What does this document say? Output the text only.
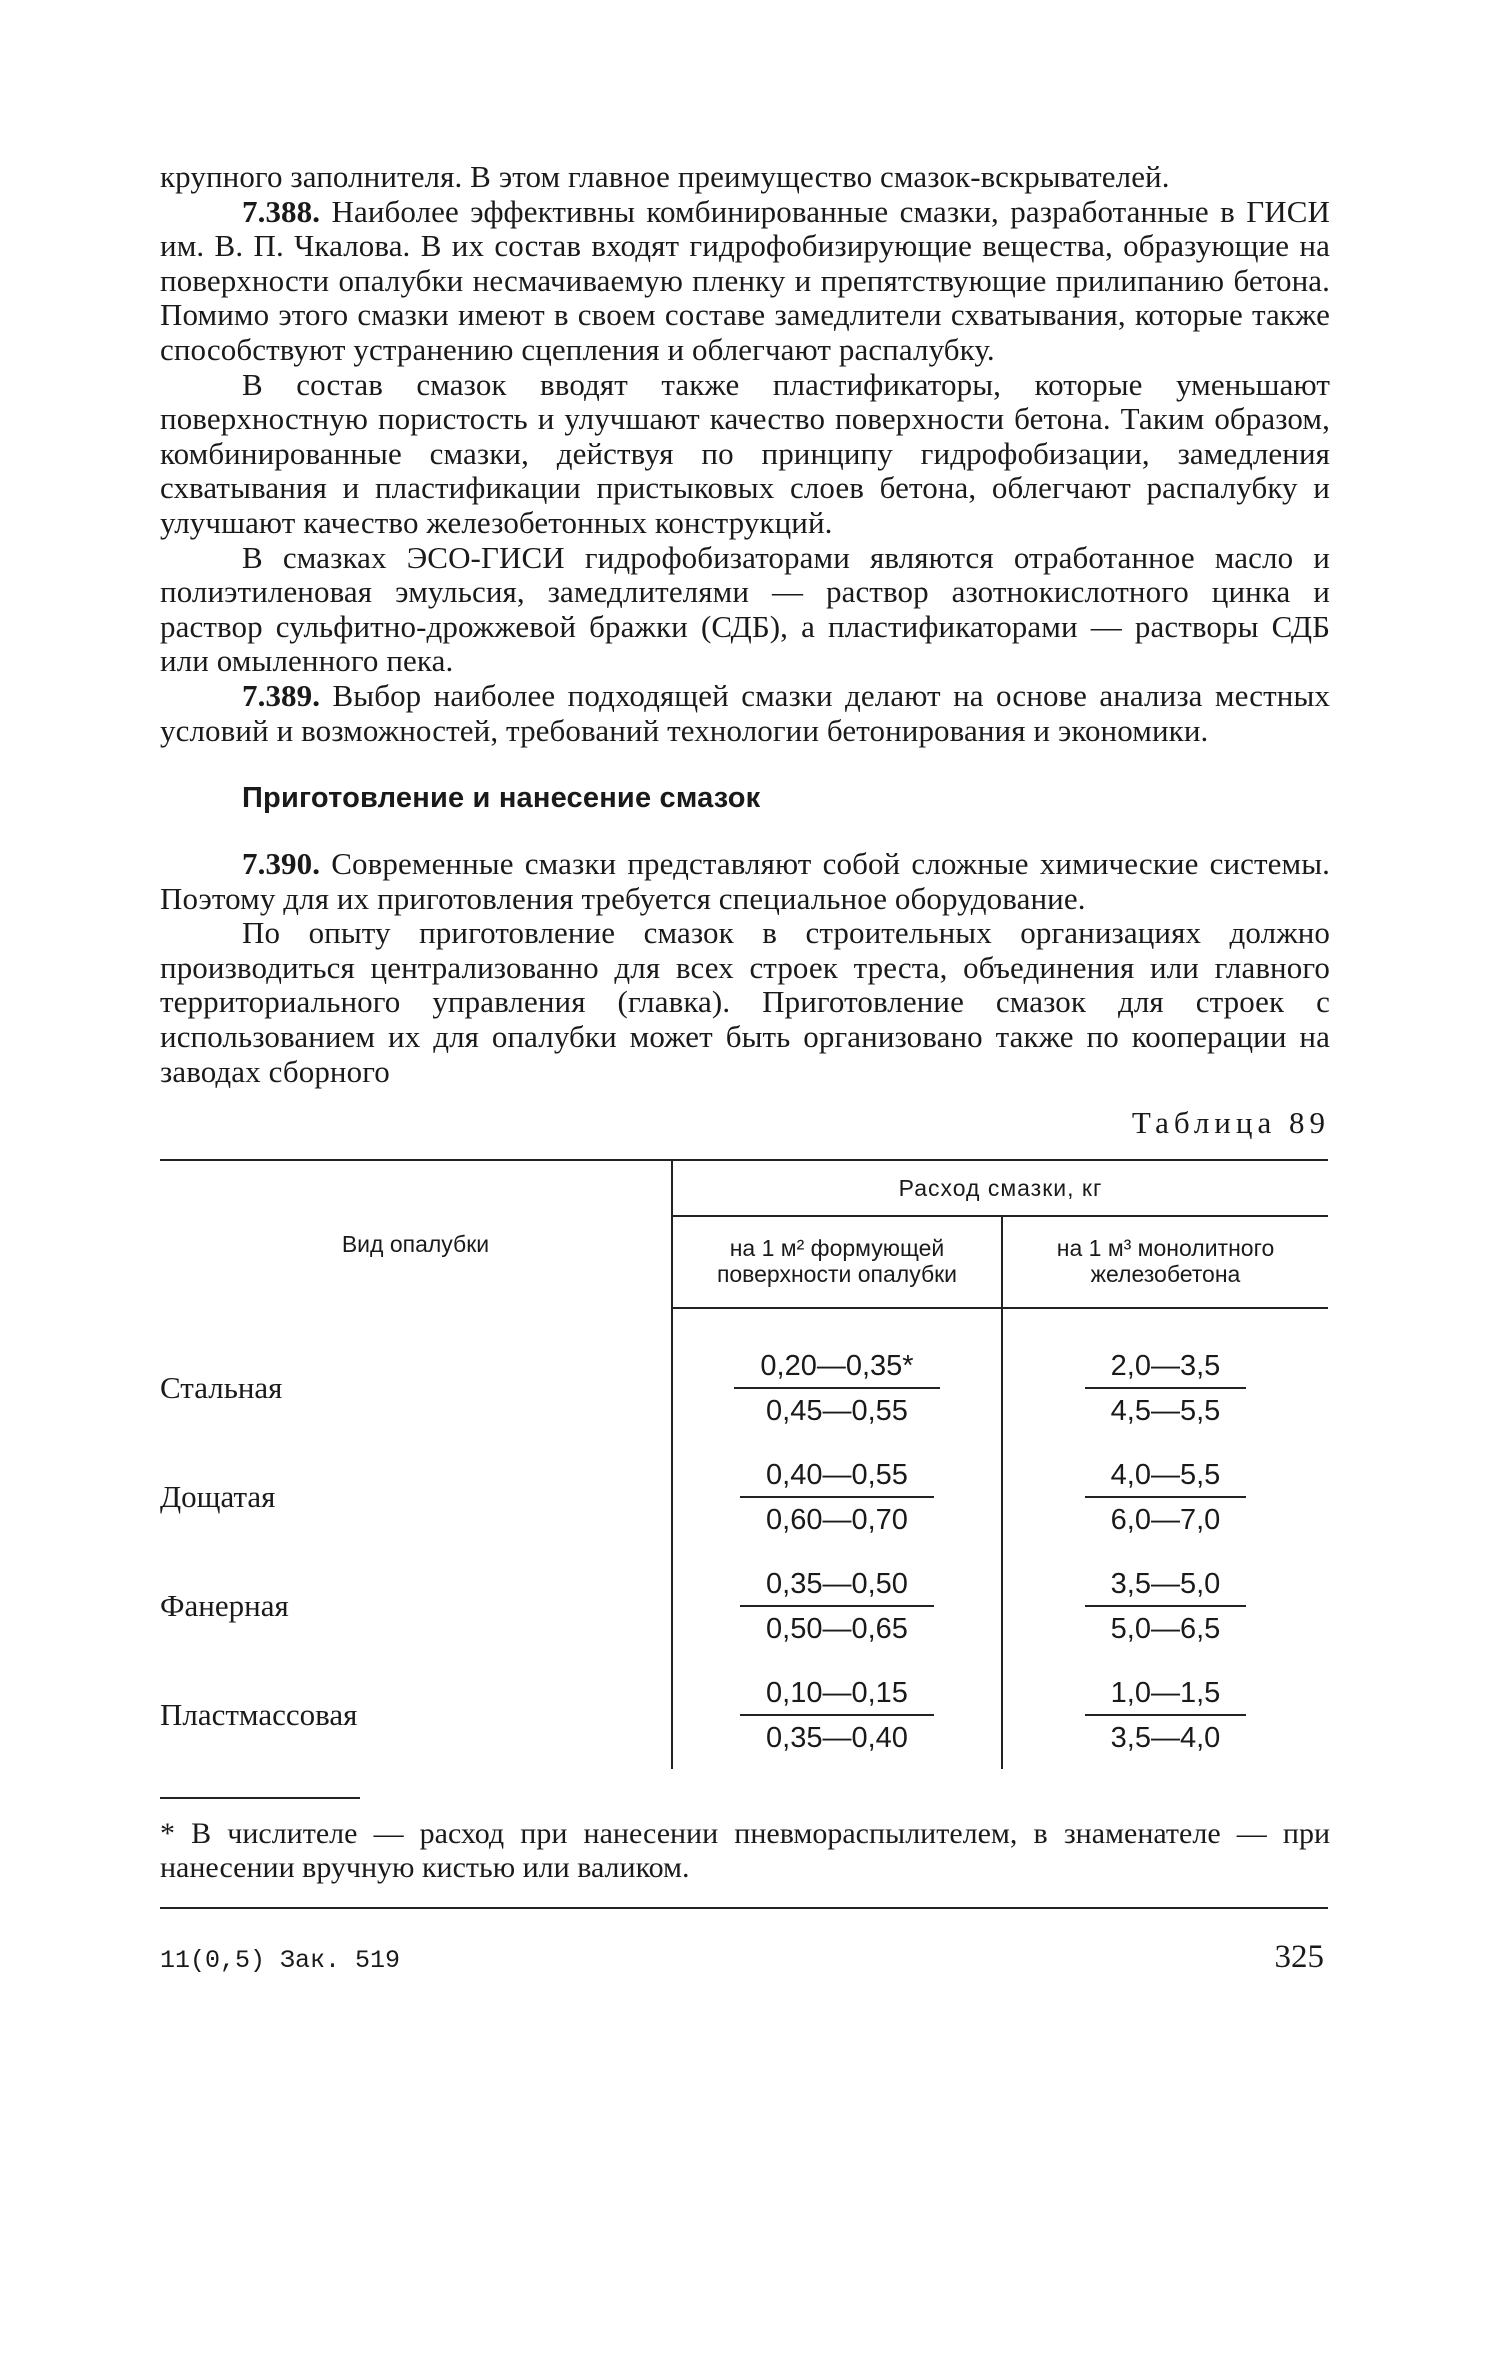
крупного заполнителя. В этом главное преимущество смазок-вскрывателей.

7.388. Наиболее эффективны комбинированные смазки, разработанные в ГИСИ им. В. П. Чкалова. В их состав входят гидрофобизирующие вещества, образующие на поверхности опалубки несмачиваемую пленку и препятствующие прилипанию бетона. Помимо этого смазки имеют в своем составе замедлители схватывания, которые также способствуют устранению сцепления и облегчают распалубку.

В состав смазок вводят также пластификаторы, которые уменьшают поверхностную пористость и улучшают качество поверхности бетона. Таким образом, комбинированные смазки, действуя по принципу гидрофобизации, замедления схватывания и пластификации пристыковых слоев бетона, облегчают распалубку и улучшают качество железобетонных конструкций.

В смазках ЭСО-ГИСИ гидрофобизаторами являются отработанное масло и полиэтиленовая эмульсия, замедлителями — раствор азотнокислотного цинка и раствор сульфитно-дрожжевой бражки (СДБ), а пластификаторами — растворы СДБ или омыленного пека.

7.389. Выбор наиболее подходящей смазки делают на основе анализа местных условий и возможностей, требований технологии бетонирования и экономики.

Приготовление и нанесение смазок

7.390. Современные смазки представляют собой сложные химические системы. Поэтому для их приготовления требуется специальное оборудование.

По опыту приготовление смазок в строительных организациях должно производиться централизованно для всех строек треста, объединения или главного территориального управления (главка). Приготовление смазок для строек с использованием их для опалубки может быть организовано также по кооперации на заводах сборного

Таблица 89
Вид опалубки	Расход смазки, кг	
	на 1 м² формующей поверхности опалубки	на 1 м³ монолитного железобетона

Стальная	$\frac{0,20—0,35*}{0,45—0,55}$	$\frac{2,0—3,5}{4,5—5,5}$

Дощатая	$\frac{0,40—0,55}{0,60—0,70}$	$\frac{4,0—5,5}{6,0—7,0}$

Фанерная	$\frac{0,35—0,50}{0,50—0,65}$	$\frac{3,5—5,0}{5,0—6,5}$

Пластмассовая	$\frac{0,10—0,15}{0,35—0,40}$	$\frac{1,0—1,5}{3,5—4,0}$

* В числителе — расход при нанесении пневмораспылителем, в знаменателе — при нанесении вручную кистью или валиком.

11(0,5) Зак. 519	325
